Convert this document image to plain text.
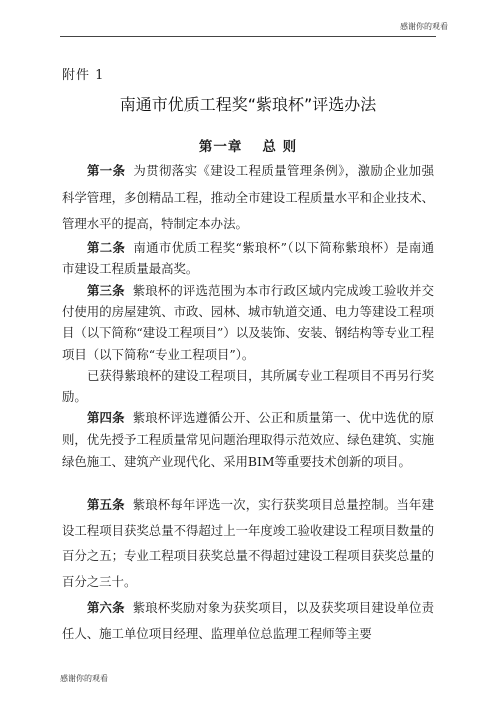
感谢你的观看
附件 1
南通市优质工程奖“紫琅杯”评选办法
第一章 总 则
第一条 为贯彻落实《建设工程质量管理条例》，激励企业加强科学管理，多创精品工程，推动全市建设工程质量水平和企业技术、管理水平的提高，特制定本办法。
第二条 南通市优质工程奖“紫琅杯”（以下简称紫琅杯）是南通市建设工程质量最高奖。
第三条 紫琅杯的评选范围为本市行政区域内完成竣工验收并交付使用的房屋建筑、市政、园林、城市轨道交通、电力等建设工程项目（以下简称“建设工程项目”）以及装饰、安装、钢结构等专业工程项目（以下简称“专业工程项目”）。
已获得紫琅杯的建设工程项目，其所属专业工程项目不再另行奖励。
第四条 紫琅杯评选遵循公开、公正和质量第一、优中选优的原则，优先授予工程质量常见问题治理取得示范效应、绿色建筑、实施绿色施工、建筑产业现代化、采用BIM等重要技术创新的项目。
第五条 紫琅杯每年评选一次，实行获奖项目总量控制。当年建设工程项目获奖总量不得超过上一年度竣工验收建设工程项目数量的百分之五；专业工程项目获奖总量不得超过建设工程项目获奖总量的百分之三十。
第六条 紫琅杯奖励对象为获奖项目，以及获奖项目建设单位责任人、施工单位项目经理、监理单位总监理工程师等主要
感谢你的观看
